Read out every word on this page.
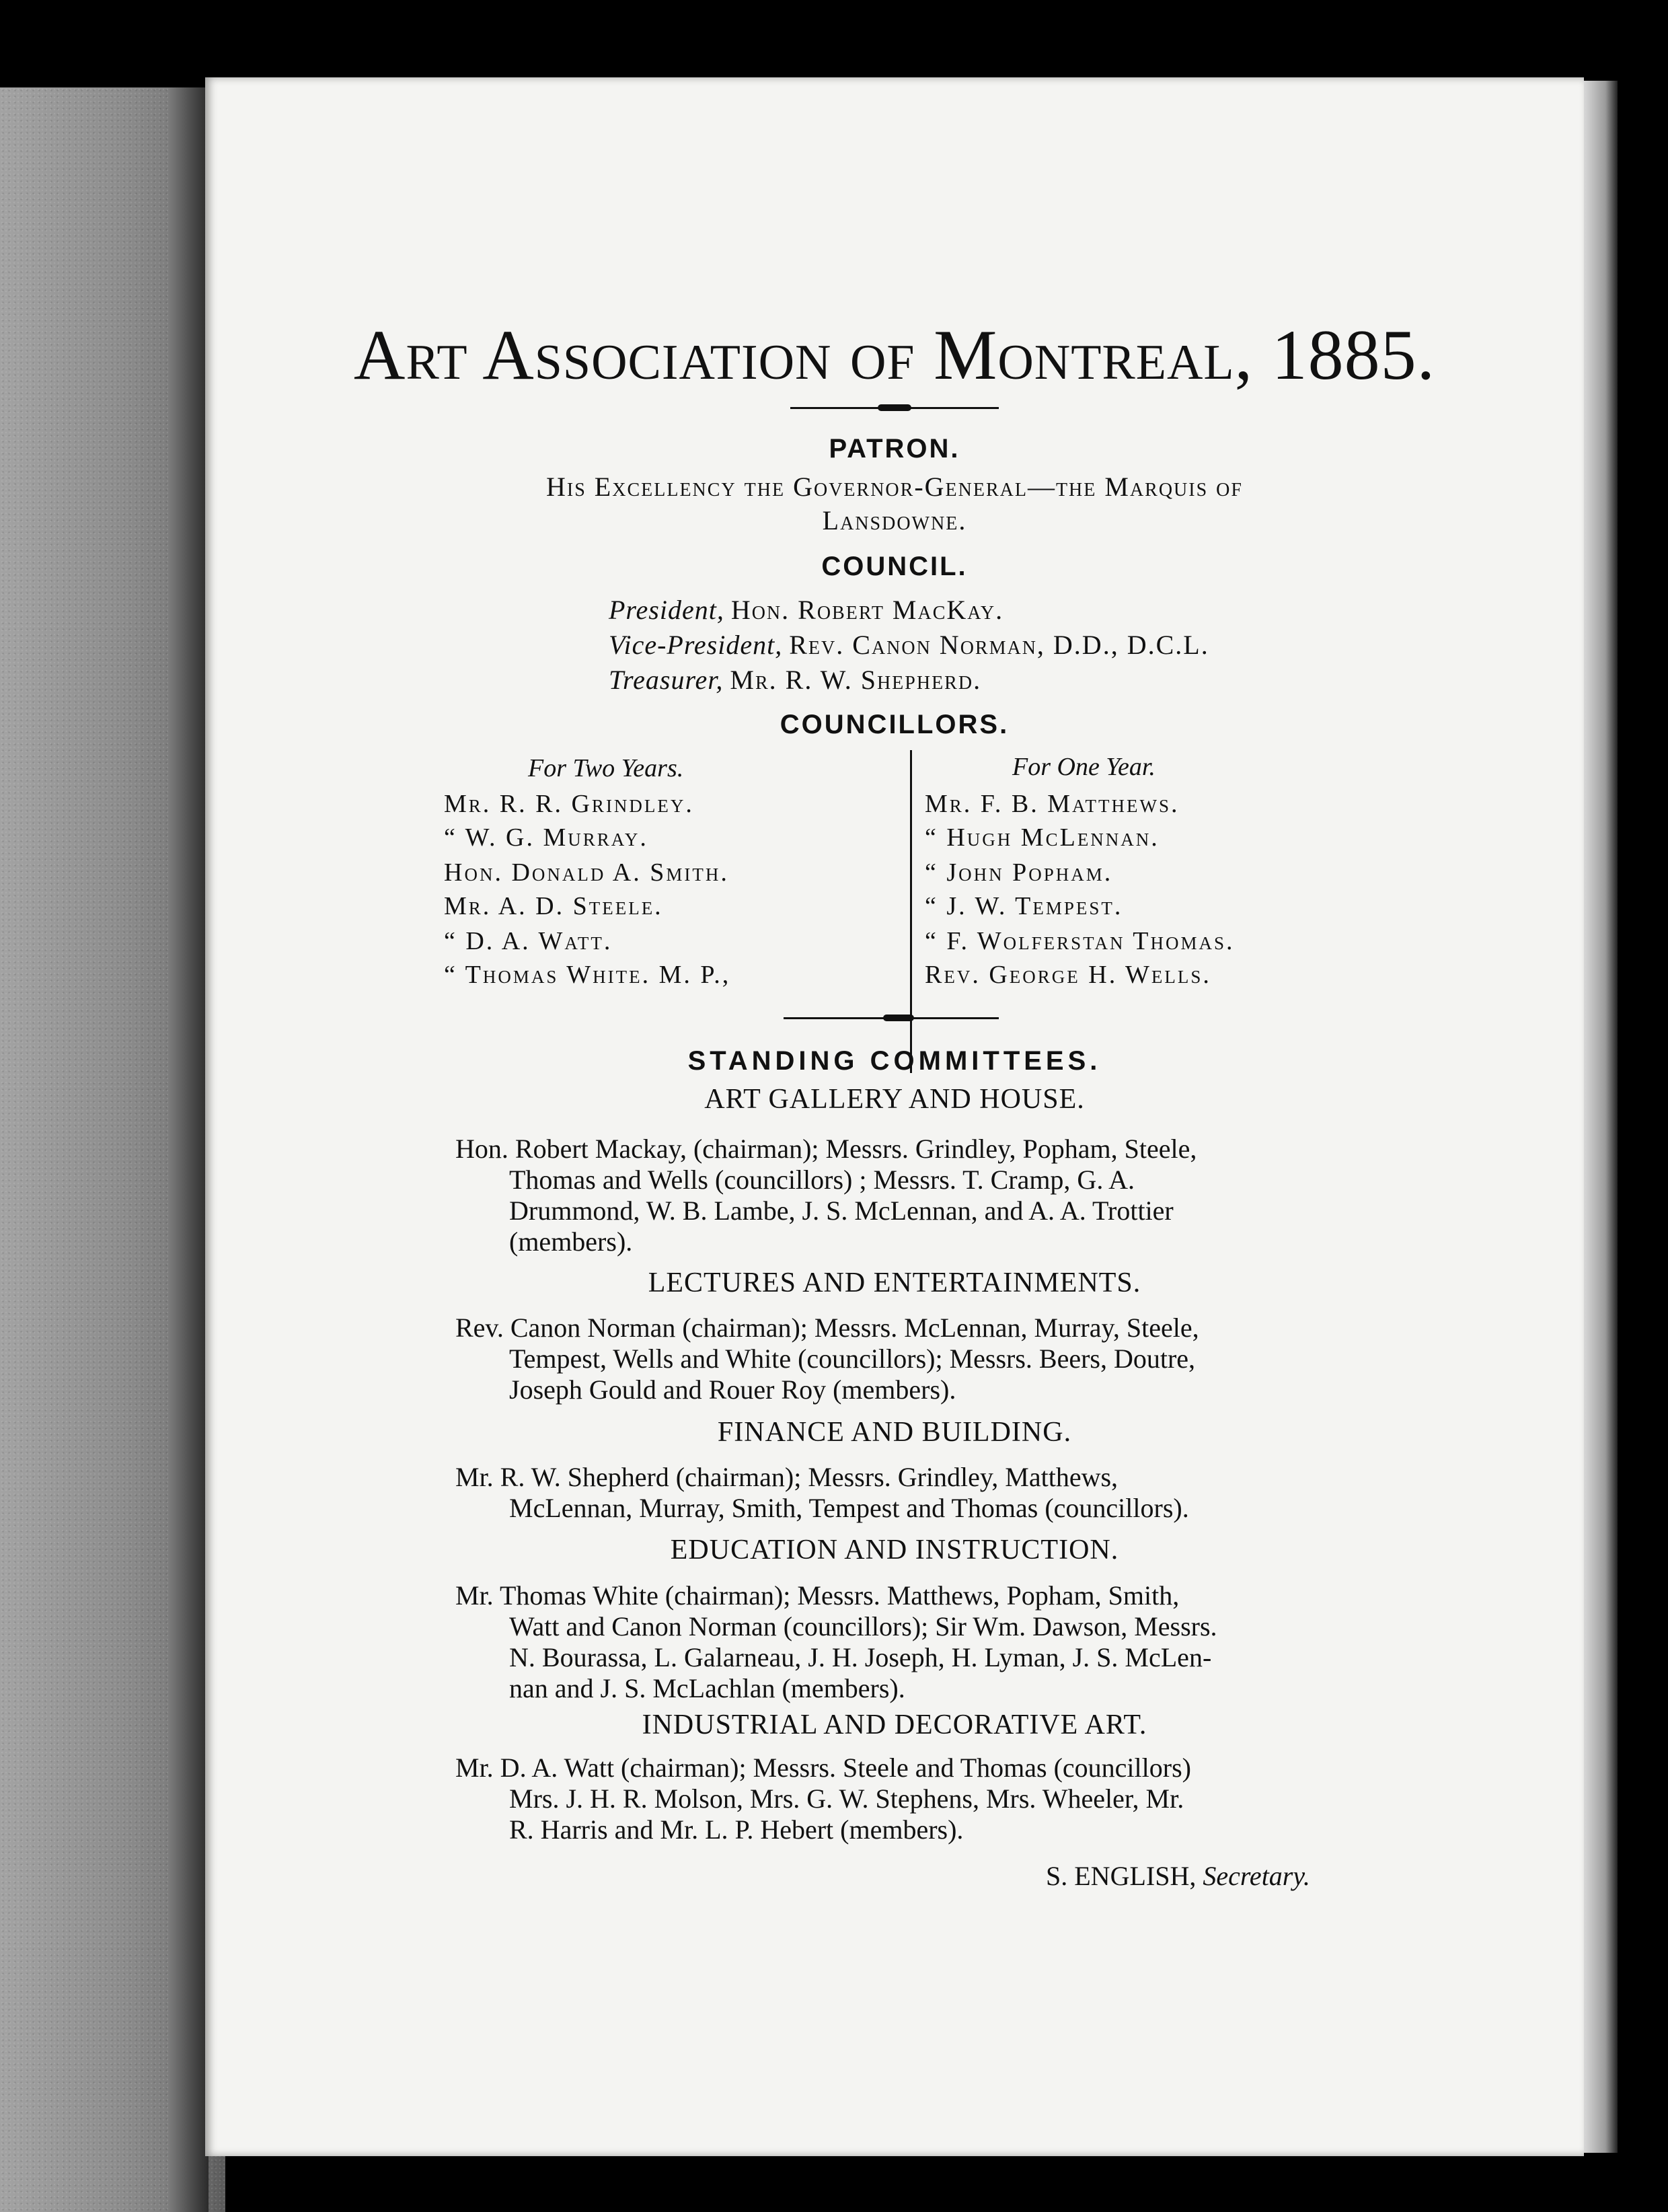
Art Association of Montreal, 1885.
PATRON.
His Excellency the Governor-General—the Marquis of
Lansdowne.
COUNCIL.
President, Hon. Robert MacKay.
Vice-President, Rev. Canon Norman, D.D., D.C.L.
Treasurer, Mr. R. W. Shepherd.
COUNCILLORS.
For Two Years.	For One Year.
Mr. R. R. Grindley.
“ W. G. Murray.
Hon. Donald A. Smith.
Mr. A. D. Steele.
“ D. A. Watt.
“ Thomas White. M. P.,
Mr. F. B. Matthews.
“ Hugh McLennan.
“ John Popham.
“ J. W. Tempest.
“ F. Wolferstan Thomas.
Rev. George H. Wells.
STANDING COMMITTEES.
ART GALLERY AND HOUSE.
Hon. Robert Mackay, (chairman); Messrs. Grindley, Popham, Steele,
Thomas and Wells (councillors) ; Messrs. T. Cramp, G. A.
Drummond, W. B. Lambe, J. S. McLennan, and A. A. Trottier
(members).
LECTURES AND ENTERTAINMENTS.
Rev. Canon Norman (chairman); Messrs. McLennan, Murray, Steele,
Tempest, Wells and White (councillors); Messrs. Beers, Doutre,
Joseph Gould and Rouer Roy (members).
FINANCE AND BUILDING.
Mr. R. W. Shepherd (chairman); Messrs. Grindley, Matthews,
McLennan, Murray, Smith, Tempest and Thomas (councillors).
EDUCATION AND INSTRUCTION.
Mr. Thomas White (chairman); Messrs. Matthews, Popham, Smith,
Watt and Canon Norman (councillors); Sir Wm. Dawson, Messrs.
N. Bourassa, L. Galarneau, J. H. Joseph, H. Lyman, J. S. McLen-
nan and J. S. McLachlan (members).
INDUSTRIAL AND DECORATIVE ART.
Mr. D. A. Watt (chairman); Messrs. Steele and Thomas (councillors)
Mrs. J. H. R. Molson, Mrs. G. W. Stephens, Mrs. Wheeler, Mr.
R. Harris and Mr. L. P. Hebert (members).
S. ENGLISH, Secretary.
